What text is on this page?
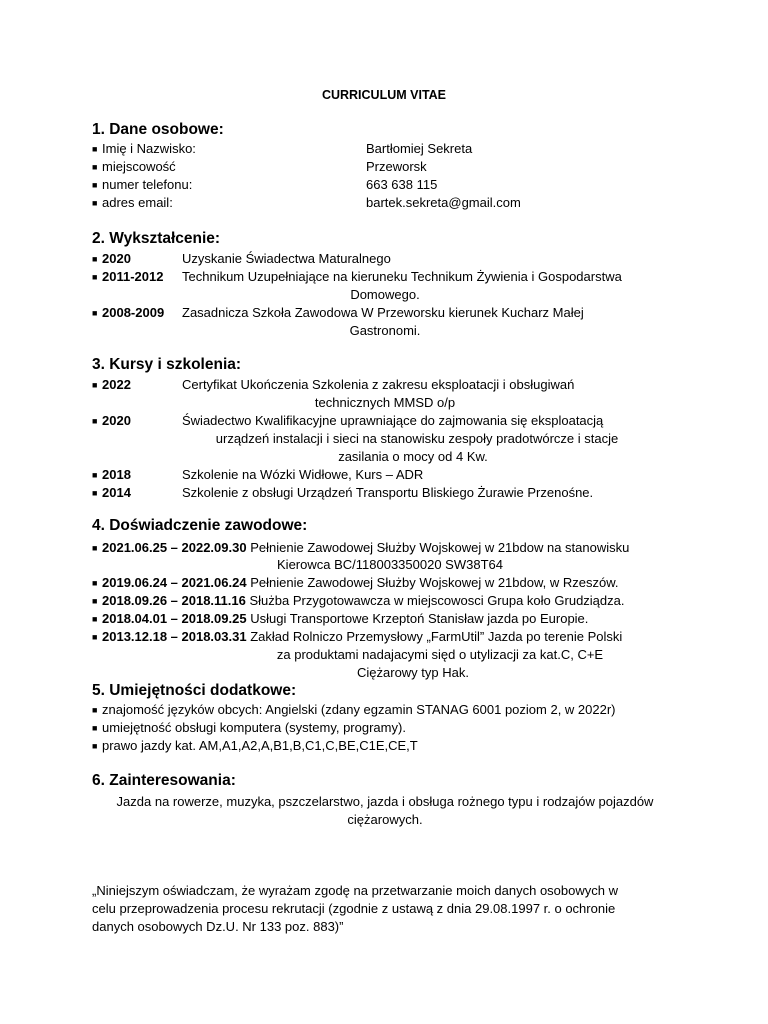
CURRICULUM VITAE
1. Dane osobowe:
■ Imię i Nazwisko:	Bartłomiej Sekreta
■ miejscowość	Przeworsk
■ numer telefonu:	663 638 115
■ adres email:	bartek.sekreta@gmail.com
2. Wykształcenie:
■ 2020	Uzyskanie Świadectwa Maturalnego
■ 2011-2012 Technikum Uzupełniające na kieruneku Technikum Żywienia i Gospodarstwa
Domowego.
■ 2008-2009 Zasadnicza Szkoła Zawodowa W Przeworsku kierunek Kucharz Małej
Gastronomi.
3. Kursy i szkolenia:
■ 2022	Certyfikat Ukończenia Szkolenia z zakresu eksploatacji i obsługiwań
technicznych MMSD o/p
■ 2020	Świadectwo Kwalifikacyjne uprawniające do zajmowania się eksploatacją
urządzeń instalacji i sieci na stanowisku zespoły pradotwórcze i stacje
zasilania o mocy od 4 Kw.
■ 2018	Szkolenie na Wózki Widłowe, Kurs – ADR
■ 2014	Szkolenie z obsługi Urządzeń Transportu Bliskiego Żurawie Przenośne.
4. Doświadczenie zawodowe:
■ 2021.06.25 – 2022.09.30 Pełnienie Zawodowej Służby Wojskowej w 21bdow na stanowisku
Kierowca BC/118003350020 SW38T64
■ 2019.06.24 – 2021.06.24 Pełnienie Zawodowej Służby Wojskowej w 21bdow, w Rzeszów.
■ 2018.09.26 – 2018.11.16 Służba Przygotowawcza w miejscowosci Grupa koło Grudziądza.
■ 2018.04.01 – 2018.09.25 Usługi Transportowe Krzeptoń Stanisław jazda po Europie.
■ 2013.12.18 – 2018.03.31 Zakład Rolniczo Przemysłowy „FarmUtil” Jazda po terenie Polski
za produktami nadajacymi sięd o utylizacji za kat.C, C+E
Ciężarowy typ Hak.
5. Umiejętności dodatkowe:
■ znajomość języków obcych: Angielski (zdany egzamin STANAG 6001 poziom 2, w 2022r)
■ umiejętność obsługi komputera (systemy, programy).
■ prawo jazdy kat. AM,A1,A2,A,B1,B,C1,C,BE,C1E,CE,T
6. Zainteresowania:
Jazda na rowerze, muzyka, pszczelarstwo, jazda i obsługa rożnego typu i rodzajów pojazdów
ciężarowych.
„Niniejszym oświadczam, że wyrażam zgodę na przetwarzanie moich danych osobowych w
celu przeprowadzenia procesu rekrutacji (zgodnie z ustawą z dnia 29.08.1997 r. o ochronie
danych osobowych Dz.U. Nr 133 poz. 883)”
